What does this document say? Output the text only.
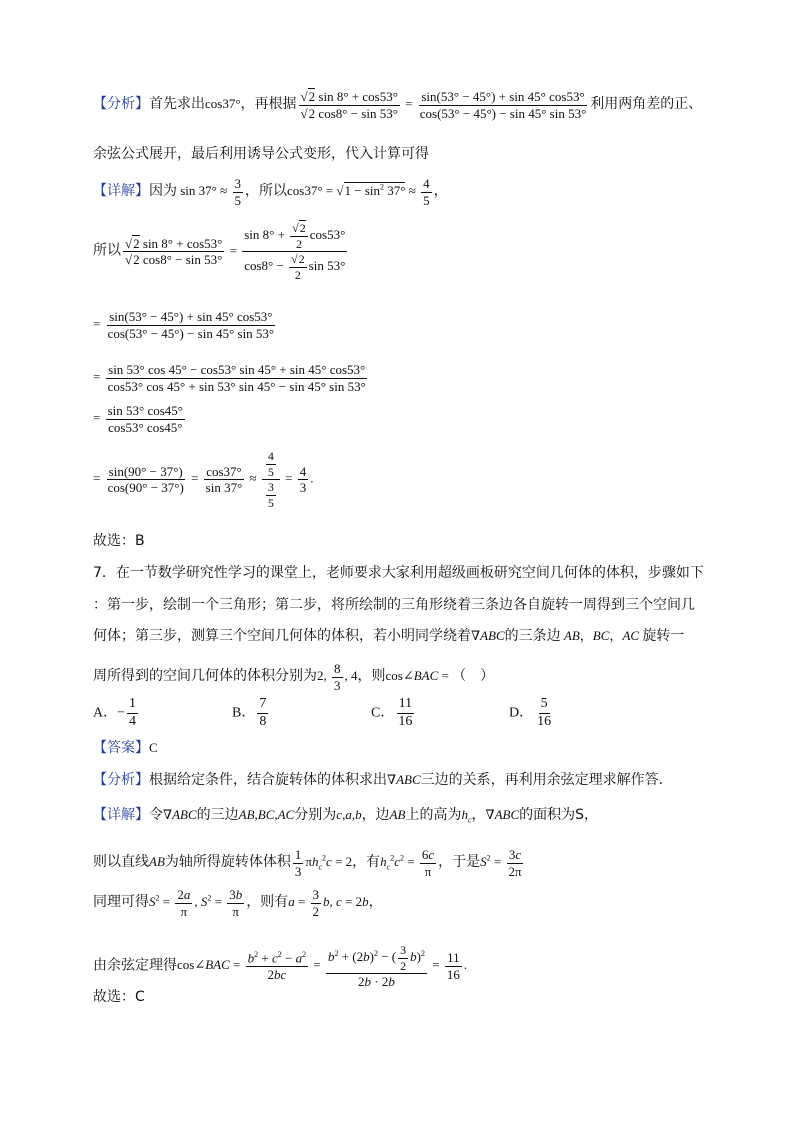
【分析】首先求出cos37°，再根据 $\frac{√2 \sin 8^\circ + \cos 53^\circ}{√2 \cos 8^\circ - \sin 53^\circ} = \frac{\sin(53^\circ - 45^\circ) + \sin 45^\circ \cos 53^\circ}{\cos(53^\circ - 45^\circ) - \sin 45^\circ \sin 53^\circ}$ 利用两角差的正、
余弦公式展开，最后利用诱导公式变形，代入计算可得
【详解】因为 $\sin 37^\circ \approx \frac{3}{5}$ ，所以$\cos 37^\circ = √1 - \sin^2 37^\circ \approx \frac{4}{5}$ ，
所以 $\frac{√2 \sin 8^\circ + \cos 53^\circ}{√2 \cos 8^\circ - \sin 53^\circ} = \frac{\sin 8^\circ + \frac{√2}{2} \cos 53^\circ}{\cos 8^\circ - \frac{√2}{2} \sin 53^\circ}$
= $\frac{\sin(53^\circ - 45^\circ) + \sin 45^\circ \cos 53^\circ}{\cos(53^\circ - 45^\circ) - \sin 45^\circ \sin 53^\circ}$
= $\frac{\sin 53^\circ \cos 45^\circ - \cos 53^\circ \sin 45^\circ + \sin 45^\circ \cos 53^\circ}{\cos 53^\circ \cos 45^\circ + \sin 53^\circ \sin 45^\circ - \sin 45^\circ \sin 53^\circ}$
= $\frac{\sin 53^\circ \cos 45^\circ}{\cos 53^\circ \cos 45^\circ}$
= $\frac{\sin(90^\circ - 37^\circ)}{\cos(90^\circ - 37^\circ)} = \frac{\cos 37^\circ}{\sin 37^\circ} \approx \frac{\frac{4}{5}}{\frac{3}{5}} = \frac{4}{3}$ .
故选：B
7．在一节数学研究性学习的课堂上，老师要求大家利用超级画板研究空间几何体的体积，步骤如下
：第一步，绘制一个三角形；第二步，将所绘制的三角形绕着三条边各自旋转一周得到三个空间几
何体；第三步，测算三个空间几何体的体积，若小明同学绕着∇ABC的三条边 AB，BC，AC 旋转一
周所得到的空间几何体的体积分别为2, $\frac{8}{3}$ , 4，则cos∠BAC = （　）
A．− $\frac{1}{4}$	B． $\frac{7}{8}$	C． $\frac{11}{16}$	D． $\frac{5}{16}$
【答案】C
【分析】根据给定条件，结合旋转体的体积求出∇ABC三边的关系，再利用余弦定理求解作答.
【详解】令∇ABC的三边AB,BC,AC分别为c,a,b，边AB上的高为$h_c$，∇ABC的面积为S，
则以直线AB为轴所得旋转体体积 $\frac{1}{3} \pi h_c^2c = 2$，有$h_c^2c^2 = \frac{6c}{\pi}$ ，于是$S^2 = \frac{3c}{2\pi}$
同理可得$S^2 = \frac{2a}{\pi}$ , $S^2 = \frac{3b}{\pi}$ ，则有$a = \frac{3}{2} b$, c = 2b，
由余弦定理得cos∠BAC = $\frac{b^2 + c^2 - a^2}{2bc} = \frac{b^2 + (2b)^2 - ( \frac{3}{2} b)^2}{2b \cdot 2b} = \frac{11}{16}$ .
故选：C
